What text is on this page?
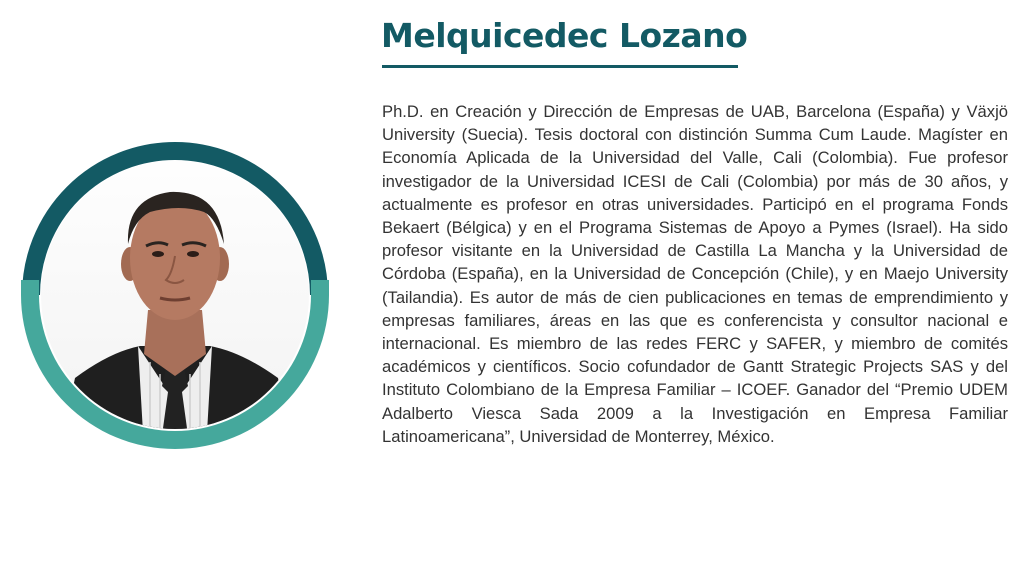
Melquicedec Lozano

Ph.D. en Creación y Dirección de Empresas de UAB, Barcelona (España) y Växjö University (Suecia). Tesis doctoral con distinción Summa Cum Laude. Magíster en Economía Aplicada de la Universidad del Valle, Cali (Colombia). Fue profesor investigador de la Universidad ICESI de Cali (Colombia) por más de 30 años, y actualmente es profesor en otras universidades. Participó en el programa Fonds Bekaert (Bélgica) y en el Programa Sistemas de Apoyo a Pymes (Israel). Ha sido profesor visitante en la Universidad de Castilla La Mancha y la Universidad de Córdoba (España), en la Universidad de Concepción (Chile), y en Maejo University (Tailandia). Es autor de más de cien publicaciones en temas de emprendimiento y empresas familiares, áreas en las que es conferencista y consultor nacional e internacional. Es miembro de las redes FERC y SAFER, y miembro de comités académicos y científicos. Socio cofundador de Gantt Strategic Projects SAS y del Instituto Colombiano de la Empresa Familiar – ICOEF. Ganador del “Premio UDEM Adalberto Viesca Sada 2009 a la Investigación en Empresa Familiar Latinoamericana”, Universidad de Monterrey, México.
